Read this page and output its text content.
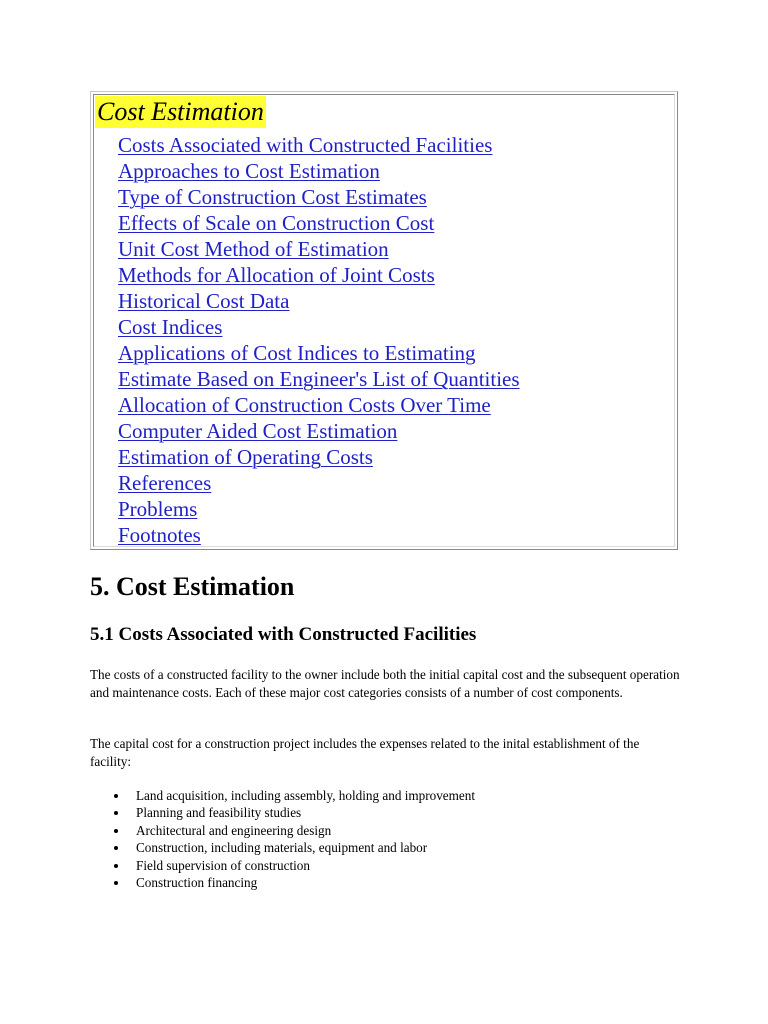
Cost Estimation
Costs Associated with Constructed Facilities
Approaches to Cost Estimation
Type of Construction Cost Estimates
Effects of Scale on Construction Cost
Unit Cost Method of Estimation
Methods for Allocation of Joint Costs
Historical Cost Data
Cost Indices
Applications of Cost Indices to Estimating
Estimate Based on Engineer's List of Quantities
Allocation of Construction Costs Over Time
Computer Aided Cost Estimation
Estimation of Operating Costs
References
Problems
Footnotes
5. Cost Estimation
5.1 Costs Associated with Constructed Facilities

The costs of a constructed facility to the owner include both the initial capital cost and the subsequent operation and maintenance costs. Each of these major cost categories consists of a number of cost components.

The capital cost for a construction project includes the expenses related to the inital establishment of the facility:

Land acquisition, including assembly, holding and improvement
Planning and feasibility studies
Architectural and engineering design
Construction, including materials, equipment and labor
Field supervision of construction
Construction financing
